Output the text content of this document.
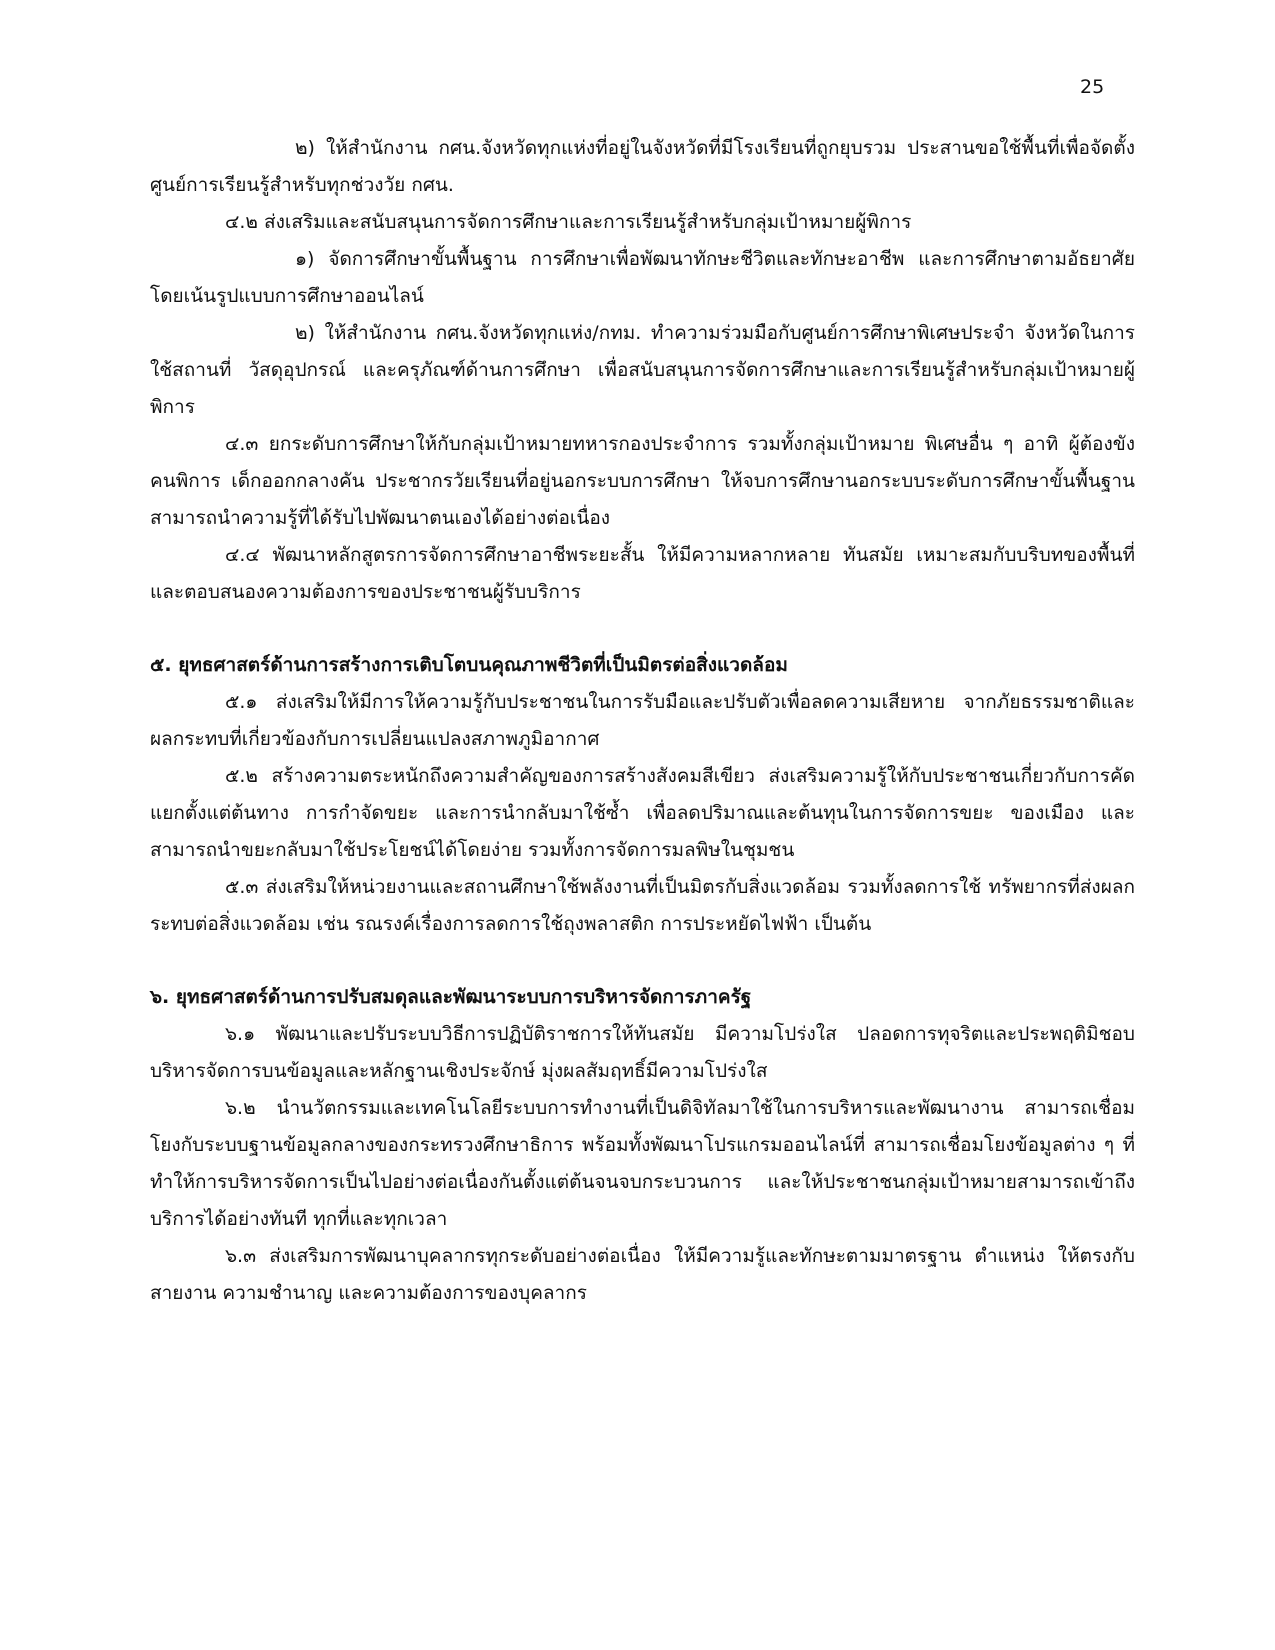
25

๒) ให้สำนักงาน กศน.จังหวัดทุกแห่งที่อยู่ในจังหวัดที่มีโรงเรียนที่ถูกยุบรวม ประสานขอใช้พื้นที่เพื่อจัดตั้งศูนย์การเรียนรู้สำหรับทุกช่วงวัย กศน.

๔.๒ ส่งเสริมและสนับสนุนการจัดการศึกษาและการเรียนรู้สำหรับกลุ่มเป้าหมายผู้พิการ

๑) จัดการศึกษาขั้นพื้นฐาน การศึกษาเพื่อพัฒนาทักษะชีวิตและทักษะอาชีพ และการศึกษาตามอัธยาศัย โดยเน้นรูปแบบการศึกษาออนไลน์

๒) ให้สำนักงาน กศน.จังหวัดทุกแห่ง/กทม. ทำความร่วมมือกับศูนย์การศึกษาพิเศษประจำ จังหวัดในการใช้สถานที่ วัสดุอุปกรณ์ และครุภัณฑ์ด้านการศึกษา เพื่อสนับสนุนการจัดการศึกษาและการเรียนรู้สำหรับกลุ่มเป้าหมายผู้พิการ

๔.๓ ยกระดับการศึกษาให้กับกลุ่มเป้าหมายทหารกองประจำการ รวมทั้งกลุ่มเป้าหมาย พิเศษอื่น ๆ อาทิ ผู้ต้องขัง คนพิการ เด็กออกกลางคัน ประชากรวัยเรียนที่อยู่นอกระบบการศึกษา ให้จบการศึกษานอกระบบระดับการศึกษาขั้นพื้นฐาน สามารถนำความรู้ที่ได้รับไปพัฒนาตนเองได้อย่างต่อเนื่อง

๔.๔ พัฒนาหลักสูตรการจัดการศึกษาอาชีพระยะสั้น ให้มีความหลากหลาย ทันสมัย เหมาะสมกับบริบทของพื้นที่ และตอบสนองความต้องการของประชาชนผู้รับบริการ

๕. ยุทธศาสตร์ด้านการสร้างการเติบโตบนคุณภาพชีวิตที่เป็นมิตรต่อสิ่งแวดล้อม

๕.๑ ส่งเสริมให้มีการให้ความรู้กับประชาชนในการรับมือและปรับตัวเพื่อลดความเสียหาย จากภัยธรรมชาติและผลกระทบที่เกี่ยวข้องกับการเปลี่ยนแปลงสภาพภูมิอากาศ

๕.๒ สร้างความตระหนักถึงความสำคัญของการสร้างสังคมสีเขียว ส่งเสริมความรู้ให้กับประชาชนเกี่ยวกับการคัดแยกตั้งแต่ต้นทาง การกำจัดขยะ และการนำกลับมาใช้ซ้ำ เพื่อลดปริมาณและต้นทุนในการจัดการขยะ ของเมือง และสามารถนำขยะกลับมาใช้ประโยชน์ได้โดยง่าย รวมทั้งการจัดการมลพิษในชุมชน

๕.๓ ส่งเสริมให้หน่วยงานและสถานศึกษาใช้พลังงานที่เป็นมิตรกับสิ่งแวดล้อม รวมทั้งลดการใช้ ทรัพยากรที่ส่งผลกระทบต่อสิ่งแวดล้อม เช่น รณรงค์เรื่องการลดการใช้ถุงพลาสติก การประหยัดไฟฟ้า เป็นต้น

๖. ยุทธศาสตร์ด้านการปรับสมดุลและพัฒนาระบบการบริหารจัดการภาครัฐ

๖.๑ พัฒนาและปรับระบบวิธีการปฏิบัติราชการให้ทันสมัย มีความโปร่งใส ปลอดการทุจริตและประพฤติมิชอบ บริหารจัดการบนข้อมูลและหลักฐานเชิงประจักษ์ มุ่งผลสัมฤทธิ์มีความโปร่งใส

๖.๒ นำนวัตกรรมและเทคโนโลยีระบบการทำงานที่เป็นดิจิทัลมาใช้ในการบริหารและพัฒนางาน สามารถเชื่อมโยงกับระบบฐานข้อมูลกลางของกระทรวงศึกษาธิการ พร้อมทั้งพัฒนาโปรแกรมออนไลน์ที่ สามารถเชื่อมโยงข้อมูลต่าง ๆ ที่ทำให้การบริหารจัดการเป็นไปอย่างต่อเนื่องกันตั้งแต่ต้นจนจบกระบวนการ และให้ประชาชนกลุ่มเป้าหมายสามารถเข้าถึงบริการได้อย่างทันที ทุกที่และทุกเวลา

๖.๓ ส่งเสริมการพัฒนาบุคลากรทุกระดับอย่างต่อเนื่อง ให้มีความรู้และทักษะตามมาตรฐาน ตำแหน่ง ให้ตรงกับสายงาน ความชำนาญ และความต้องการของบุคลากร
